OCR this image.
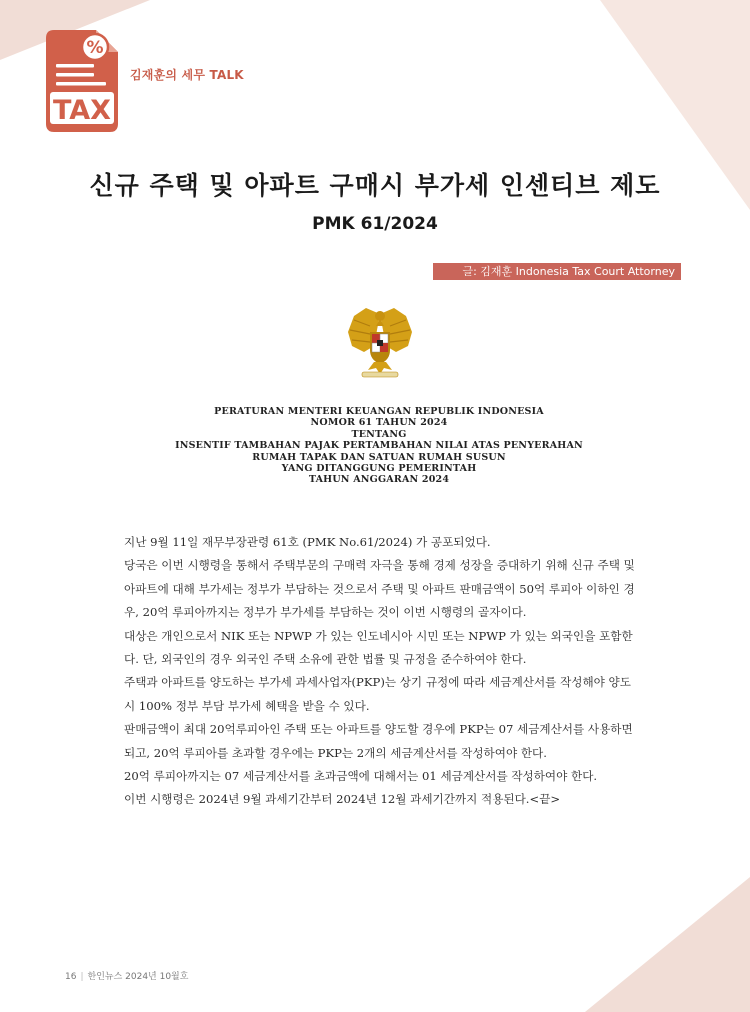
TAX
%
김재훈의 세무 TALK
신규 주택 및 아파트 구매시 부가세 인센티브 제도
PMK 61/2024
글: 김재훈 Indonesia Tax Court Attorney
PERATURAN MENTERI KEUANGAN REPUBLIK INDONESIA
NOMOR 61 TAHUN 2024
TENTANG
INSENTIF TAMBAHAN PAJAK PERTAMBAHAN NILAI ATAS PENYERAHAN
RUMAH TAPAK DAN SATUAN RUMAH SUSUN
YANG DITANGGUNG PEMERINTAH
TAHUN ANGGARAN 2024

지난 9월 11일 재무부장관령 61호 (PMK No.61/2024) 가 공포되었다.

당국은 이번 시행령을 통해서 주택부문의 구매력 자극을 통해 경제 성장을 증대하기 위해 신규 주택 및 아파트에 대해 부가세는 정부가 부담하는 것으로서 주택 및 아파트 판매금액이 50억 루피아 이하인 경우, 20억 루피아까지는 정부가 부가세를 부담하는 것이 이번 시행령의 골자이다.

대상은 개인으로서 NIK 또는 NPWP 가 있는 인도네시아 시민 또는 NPWP 가 있는 외국인을 포함한다. 단, 외국인의 경우 외국인 주택 소유에 관한 법률 및 규정을 준수하여야 한다.

주택과 아파트를 양도하는 부가세 과세사업자(PKP)는 상기 규정에 따라 세금계산서를 작성해야 양도시 100% 정부 부담 부가세 혜택을 받을 수 있다.

판매금액이 최대 20억루피아인 주택 또는 아파트를 양도할 경우에 PKP는 07 세금계산서를 사용하면 되고, 20억 루피아를 초과할 경우에는 PKP는 2개의 세금계산서를 작성하여야 한다.

20억 루피아까지는 07 세금계산서를 초과금액에 대해서는 01 세금계산서를 작성하여야 한다.

이번 시행령은 2024년 9월 과세기간부터 2024년 12월 과세기간까지 적용된다.<끝>

16 | 한인뉴스 2024년 10월호
